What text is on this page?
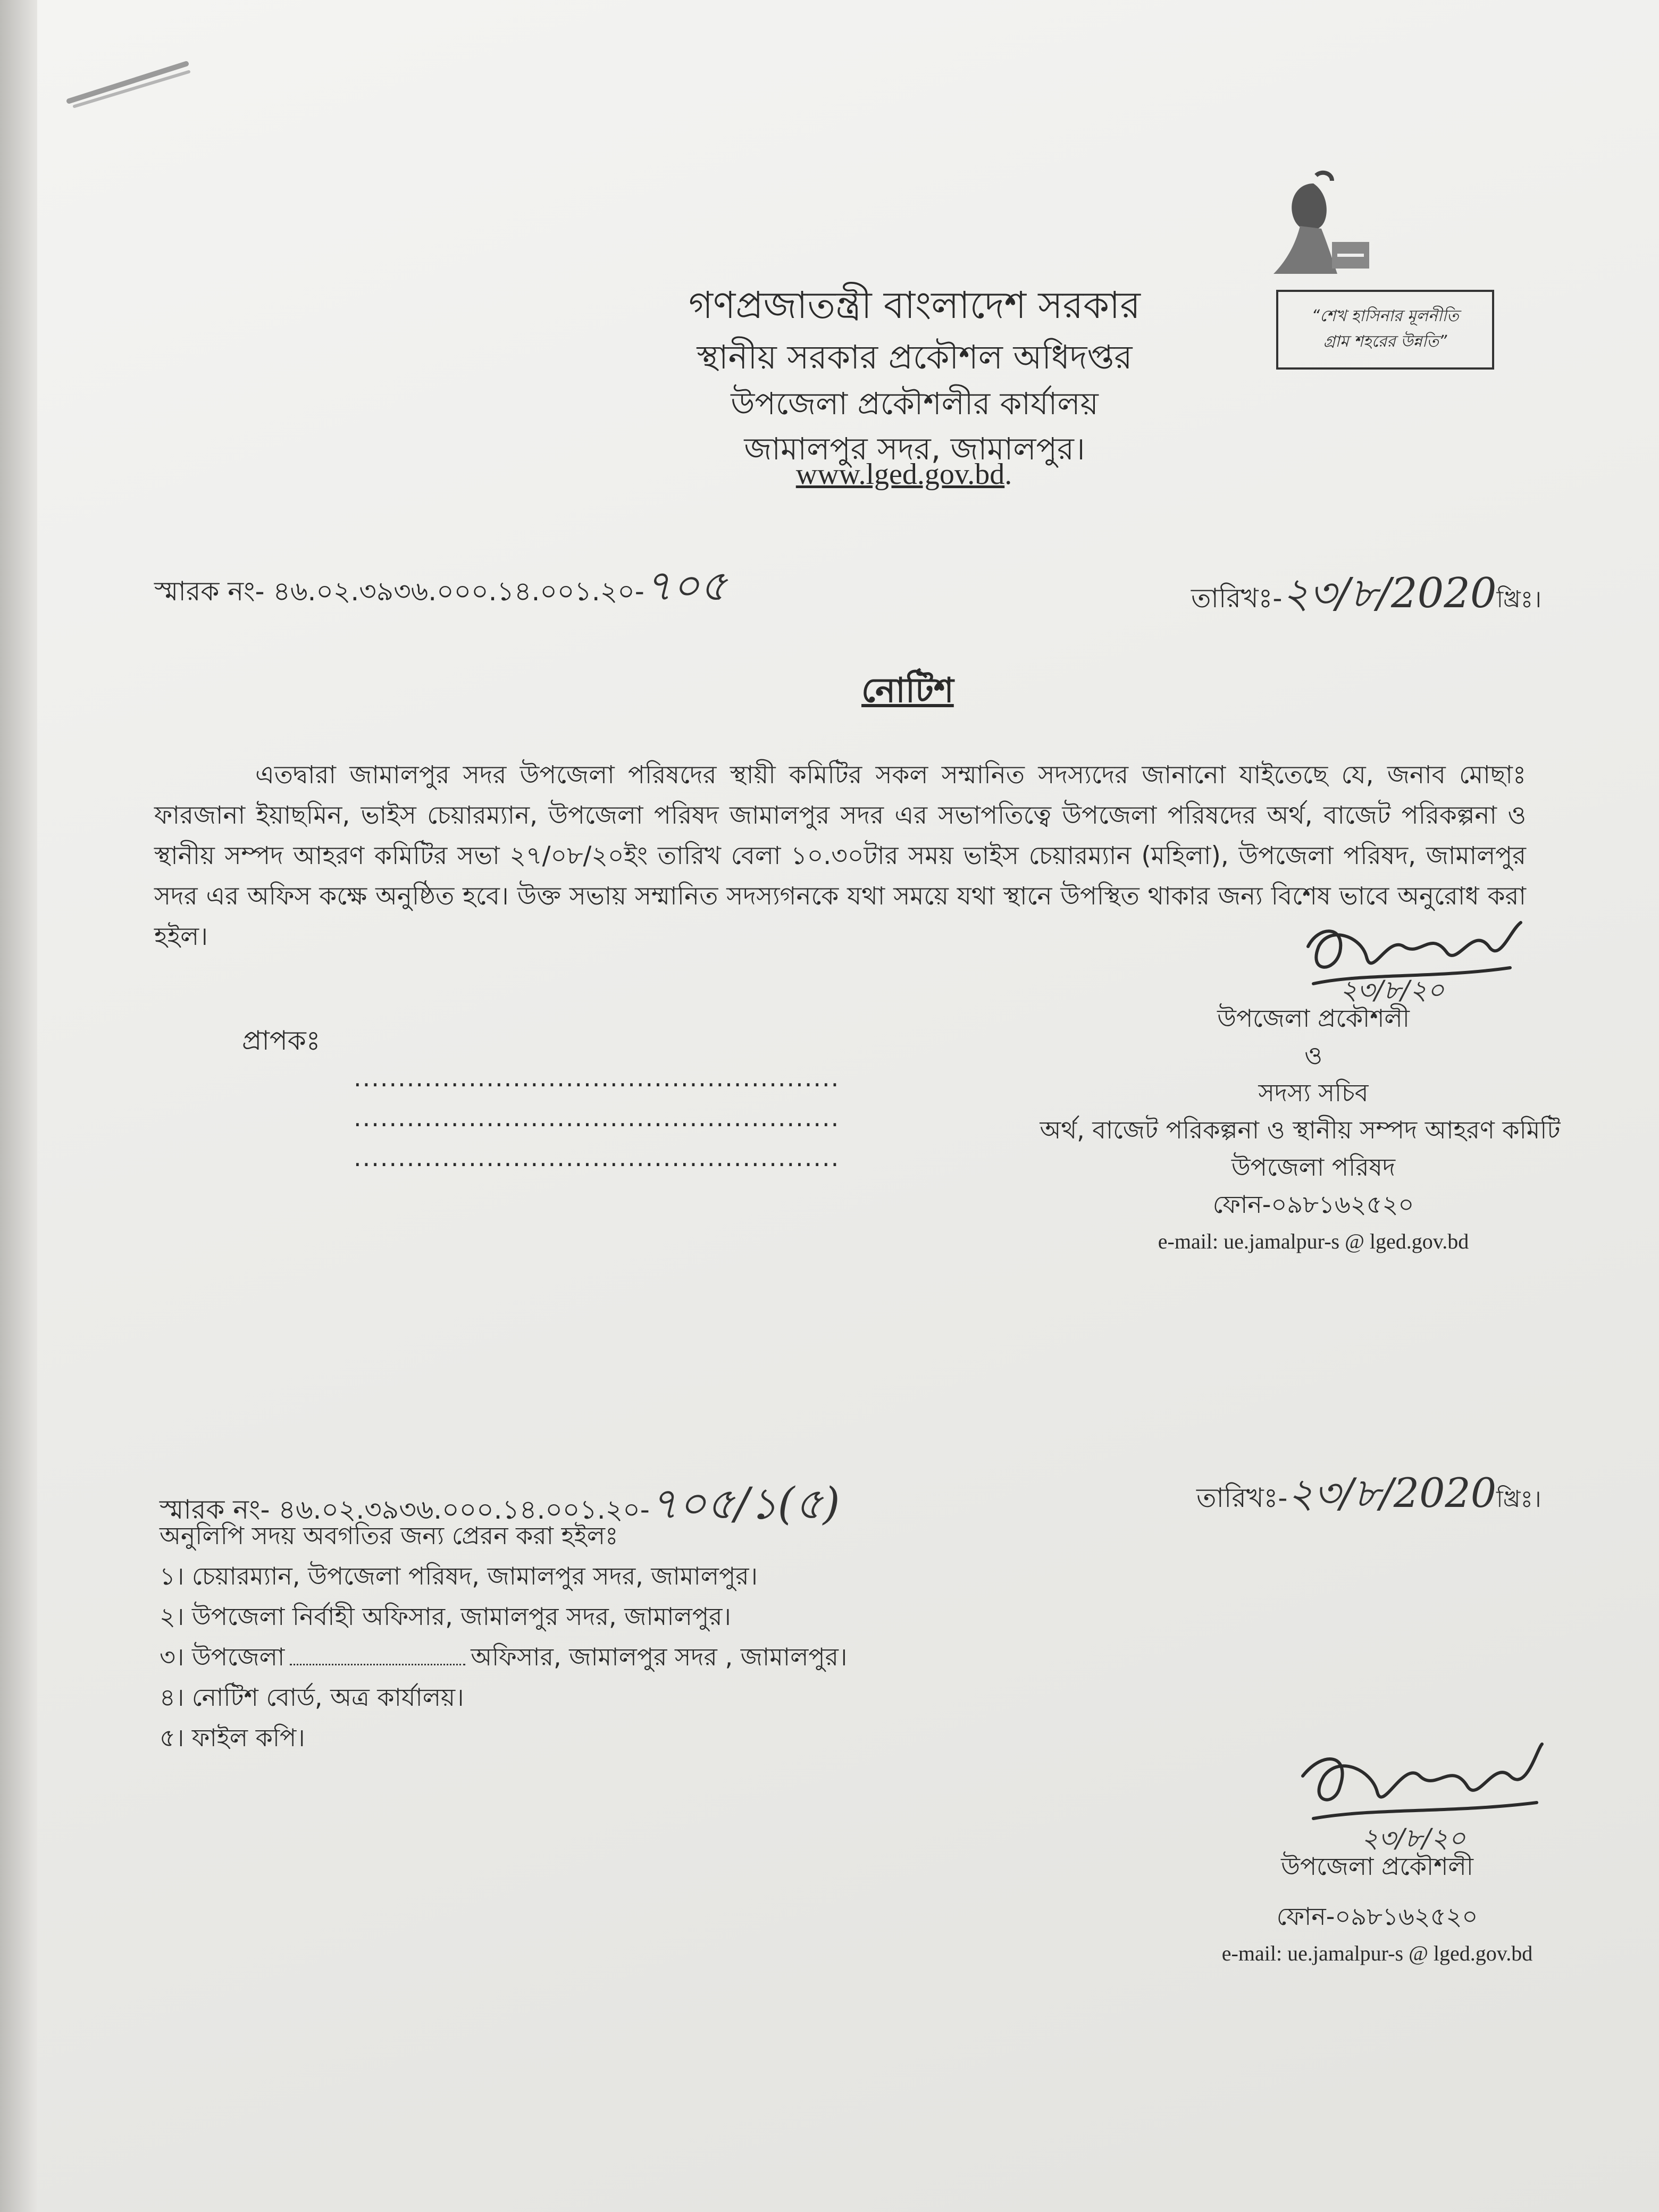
“শেখ হাসিনার মূলনীতি
গ্রাম শহরের উন্নতি”
গণপ্রজাতন্ত্রী বাংলাদেশ সরকার
স্থানীয় সরকার প্রকৌশল অধিদপ্তর
উপজেলা প্রকৌশলীর কার্যালয়
জামালপুর সদর, জামালপুর।
www.lged.gov.bd.
স্মারক নং- ৪৬.০২.৩৯৩৬.০০০.১৪.০০১.২০-৭০৫	তারিখঃ-২৩/৮/2020খ্রিঃ।
নোটিশ
এতদ্বারা জামালপুর সদর উপজেলা পরিষদের স্থায়ী কমিটির সকল সম্মানিত সদস্যদের জানানো যাইতেছে যে, জনাব মোছাঃ ফারজানা ইয়াছমিন, ভাইস চেয়ারম্যান, উপজেলা পরিষদ জামালপুর সদর এর সভাপতিত্বে উপজেলা পরিষদের অর্থ, বাজেট পরিকল্পনা ও স্থানীয় সম্পদ আহরণ কমিটির সভা ২৭/০৮/২০ইং তারিখ বেলা ১০.৩০টার সময় ভাইস চেয়ারম্যান (মহিলা), উপজেলা পরিষদ, জামালপুর সদর এর অফিস কক্ষে অনুষ্ঠিত হবে। উক্ত সভায় সম্মানিত সদস্যগনকে যথা সময়ে যথা স্থানে উপস্থিত থাকার জন্য বিশেষ ভাবে অনুরোধ করা হইল।
প্রাপকঃ
.......................................................
.......................................................
.......................................................
২৩/৮/২০
উপজেলা প্রকৌশলী
ও
সদস্য সচিব
অর্থ, বাজেট পরিকল্পনা ও স্থানীয় সম্পদ আহরণ কমিটি
উপজেলা পরিষদ
ফোন-০৯৮১৬২৫২০
e-mail: ue.jamalpur-s @ lged.gov.bd
স্মারক নং- ৪৬.০২.৩৯৩৬.০০০.১৪.০০১.২০-৭০৫/১(৫)	তারিখঃ-২৩/৮/2020খ্রিঃ।
অনুলিপি সদয় অবগতির জন্য প্রেরন করা হইলঃ
১। চেয়ারম্যান, উপজেলা পরিষদ, জামালপুর সদর, জামালপুর।
২। উপজেলা নির্বাহী অফিসার, জামালপুর সদর, জামালপুর।
৩। উপজেলা	অফিসার, জামালপুর সদর , জামালপুর।
৪। নোটিশ বোর্ড, অত্র কার্যালয়।
৫। ফাইল কপি।
২৩/৮/২০
উপজেলা প্রকৌশলী
ফোন-০৯৮১৬২৫২০
e-mail: ue.jamalpur-s @ lged.gov.bd
